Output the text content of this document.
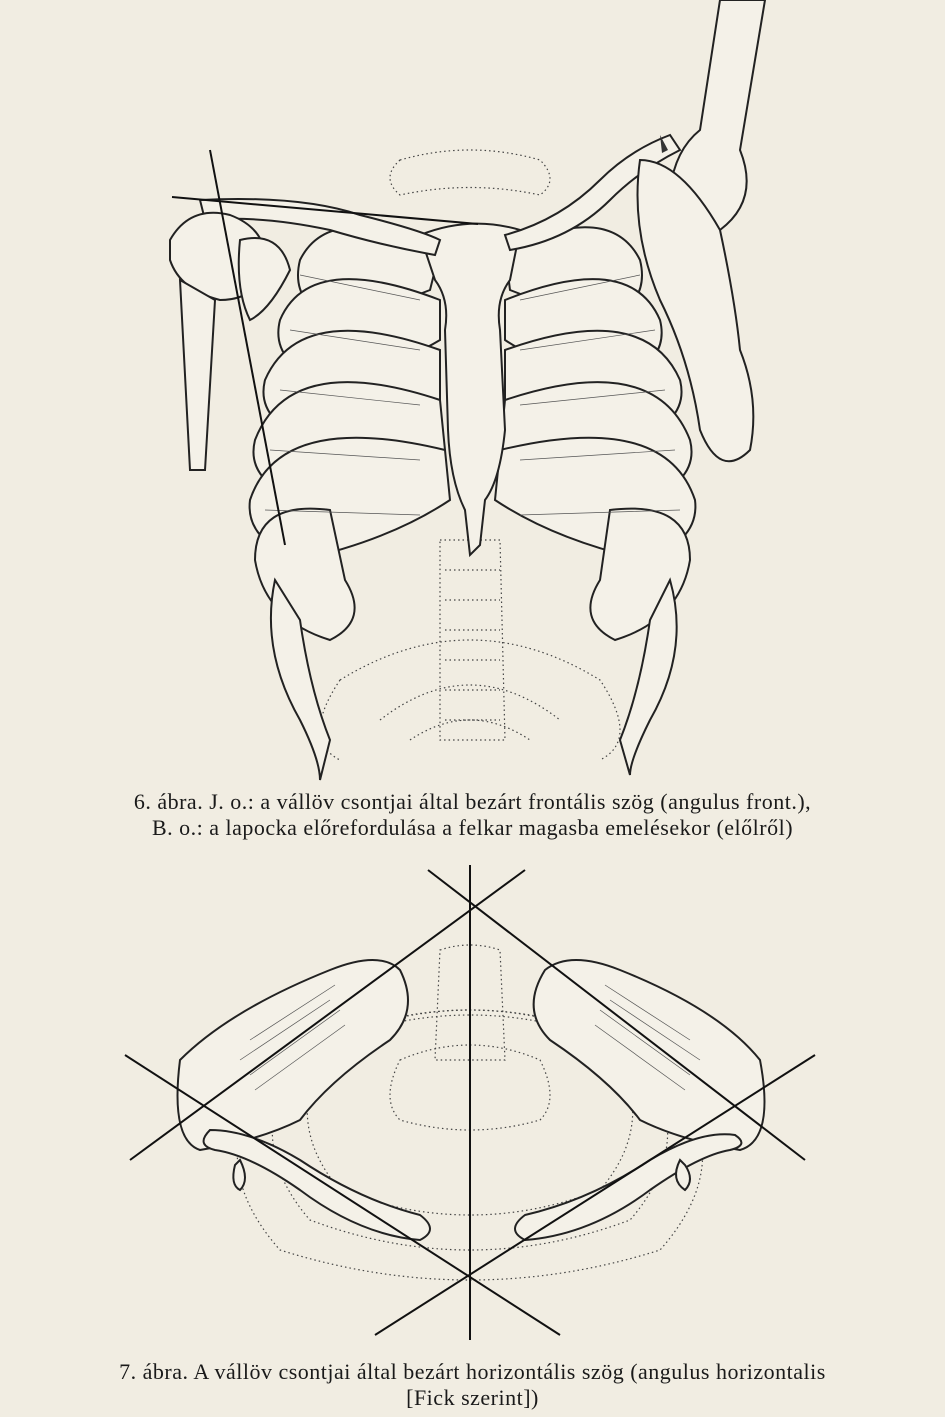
6. ábra. J. o.: a vállöv csontjai által bezárt frontális szög (angulus front.),
B. o.: a lapocka előrefordulása a felkar magasba emelésekor (előlről)
7. ábra. A vállöv csontjai által bezárt horizontális szög (angulus horizontalis
[Fick szerint])
